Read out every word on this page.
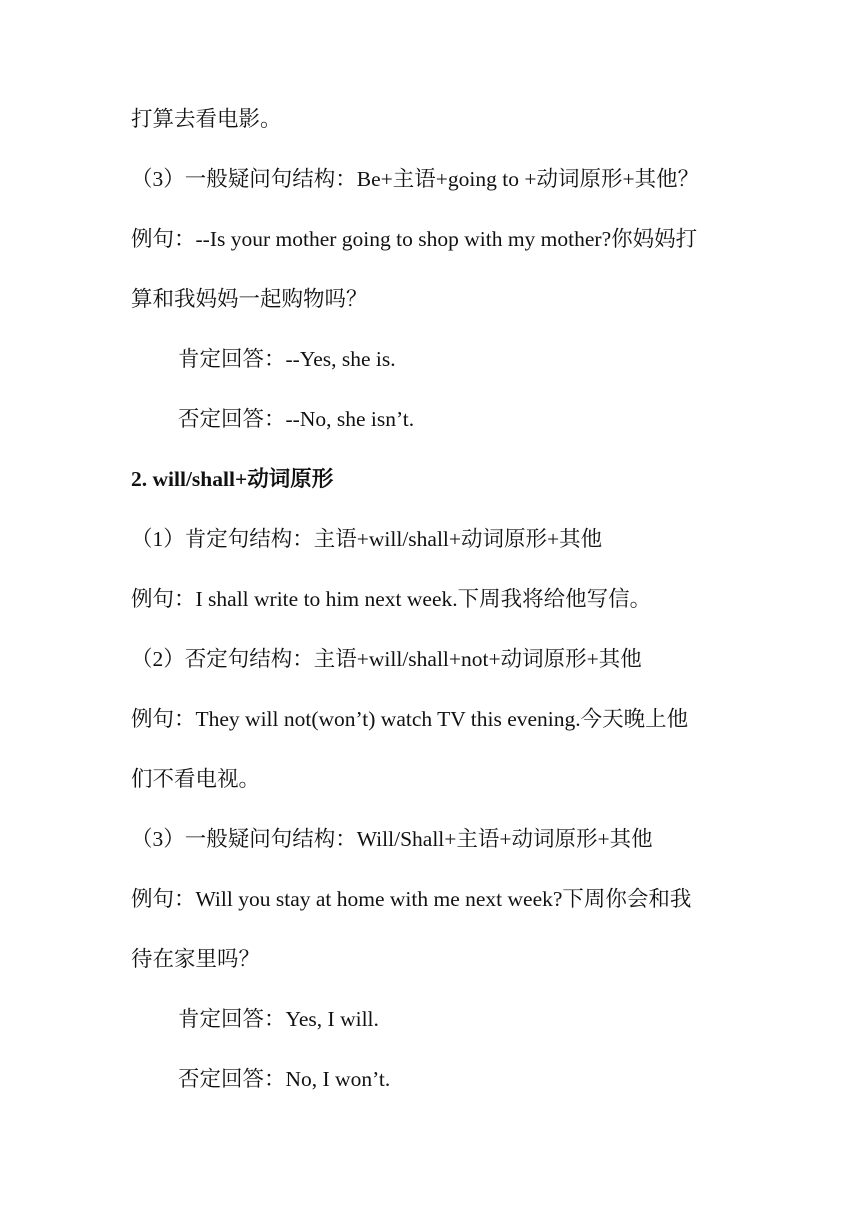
打算去看电影。
（3）一般疑问句结构：Be+主语+going to +动词原形+其他？
例句：--Is your mother going to shop with my mother?你妈妈打
算和我妈妈一起购物吗？
肯定回答：--Yes, she is.
否定回答：--No, she isn’t.
2. will/shall+动词原形
（1）肯定句结构：主语+will/shall+动词原形+其他
例句：I shall write to him next week.下周我将给他写信。
（2）否定句结构：主语+will/shall+not+动词原形+其他
例句：They will not(won’t) watch TV this evening.今天晚上他
们不看电视。
（3）一般疑问句结构：Will/Shall+主语+动词原形+其他
例句：Will you stay at home with me next week?下周你会和我
待在家里吗？
肯定回答：Yes, I will.
否定回答：No, I won’t.
